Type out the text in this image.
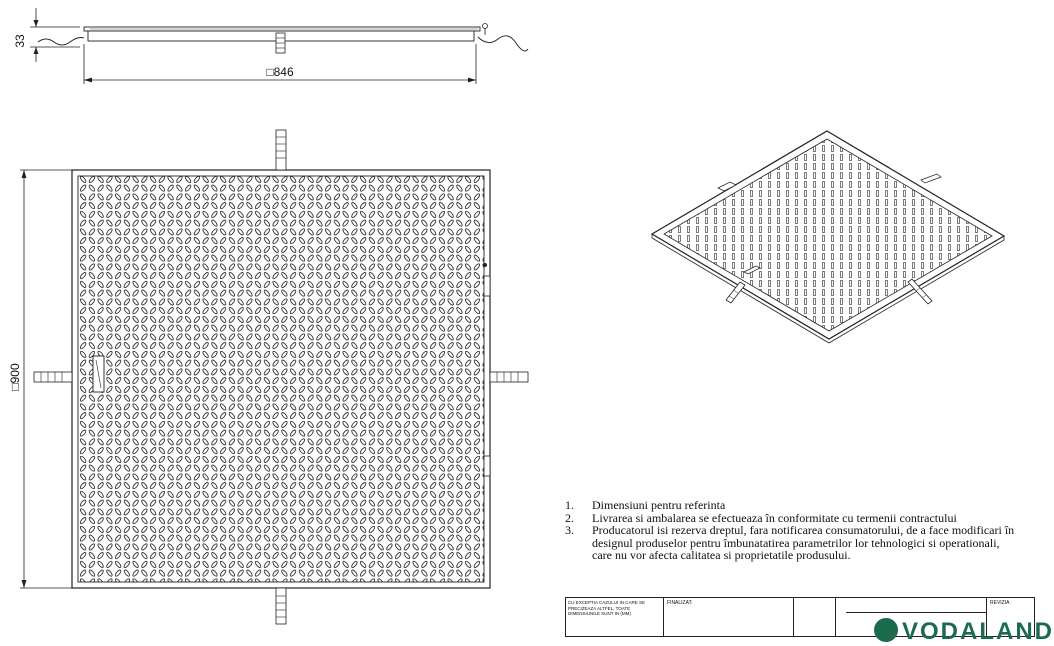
33
□846
□900
1.	Dimensiuni pentru referinta
2.	Livrarea si ambalarea se efectueaza în conformitate cu termenii contractului
3.	Producatorul isi rezerva dreptul, fara notificarea consumatorului, de a face modificari în designul produselor pentru îmbunatatirea parametrilor lor tehnologici si operationali, care nu vor afecta calitatea si proprietatile produsului.
CU EXCEPTIA CAZULUI IN CARE SE PRECIZEAZA ALTFEL, TOATE DIMENSIUNILE SUNT IN (MM)
FINALIZAT:
VODALAND
REVIZIA
